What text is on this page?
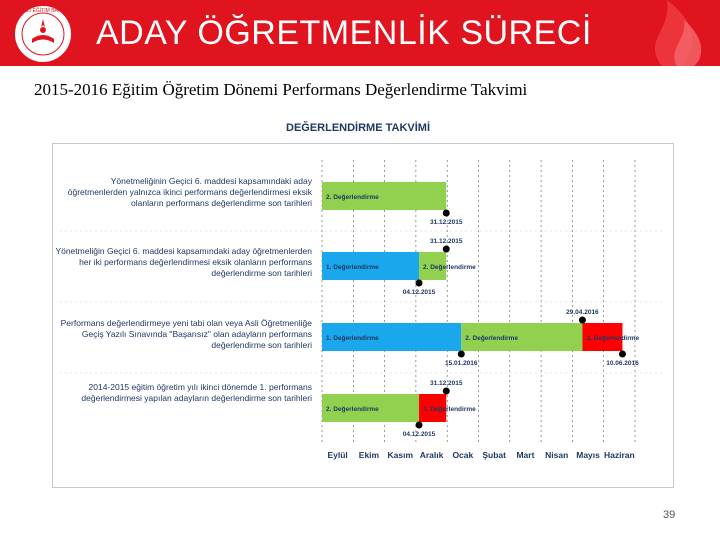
T.C. MİLLİ EĞİTİM BAKANLIĞI
ADAY ÖĞRETMENLİK SÜRECİ
2015-2016 Eğitim Öğretim Dönemi Performans Değerlendirme Takvimi
DEĞERLENDİRME TAKVİMİ
Yönetmeliğinin Geçici 6. maddesi kapsamındaki aday öğretmenlerden yalnızca ikinci performans değerlendirmesi eksik olanların performans değerlendirme son tarihleri
Yönetmeliğin Geçici 6. maddesi kapsamındaki aday öğretmenlerden her iki performans değerlendirmesi eksik olanların performans değerlendirme son tarihleri
Performans değerlendirmeye yeni tabi olan veya Asli Öğretmenliğe Geçiş Yazılı Sınavında "Başarısız" olan adayların performans değerlendirme son tarihleri
2014-2015 eğitim öğretim yılı ikinci dönemde 1. performans değerlendirmesi yapılan adayların değerlendirme son tarihleri
Eylül Ekim Kasım Aralık Ocak Şubat Mart Nisan Mayıs Haziran
2. Değerlendirme
31.12.2015
1. Değerlendirme	2. Değerlendirme
31.12.2015
04.12.2015
1. Değerlendirme	2. Değerlendirme	3. Değerlendirme
29.04.2016
15.01.2016	10.06.2016
2. Değerlendirme	3. Değerlendirme
31.12.2015
04.12.2015
39
